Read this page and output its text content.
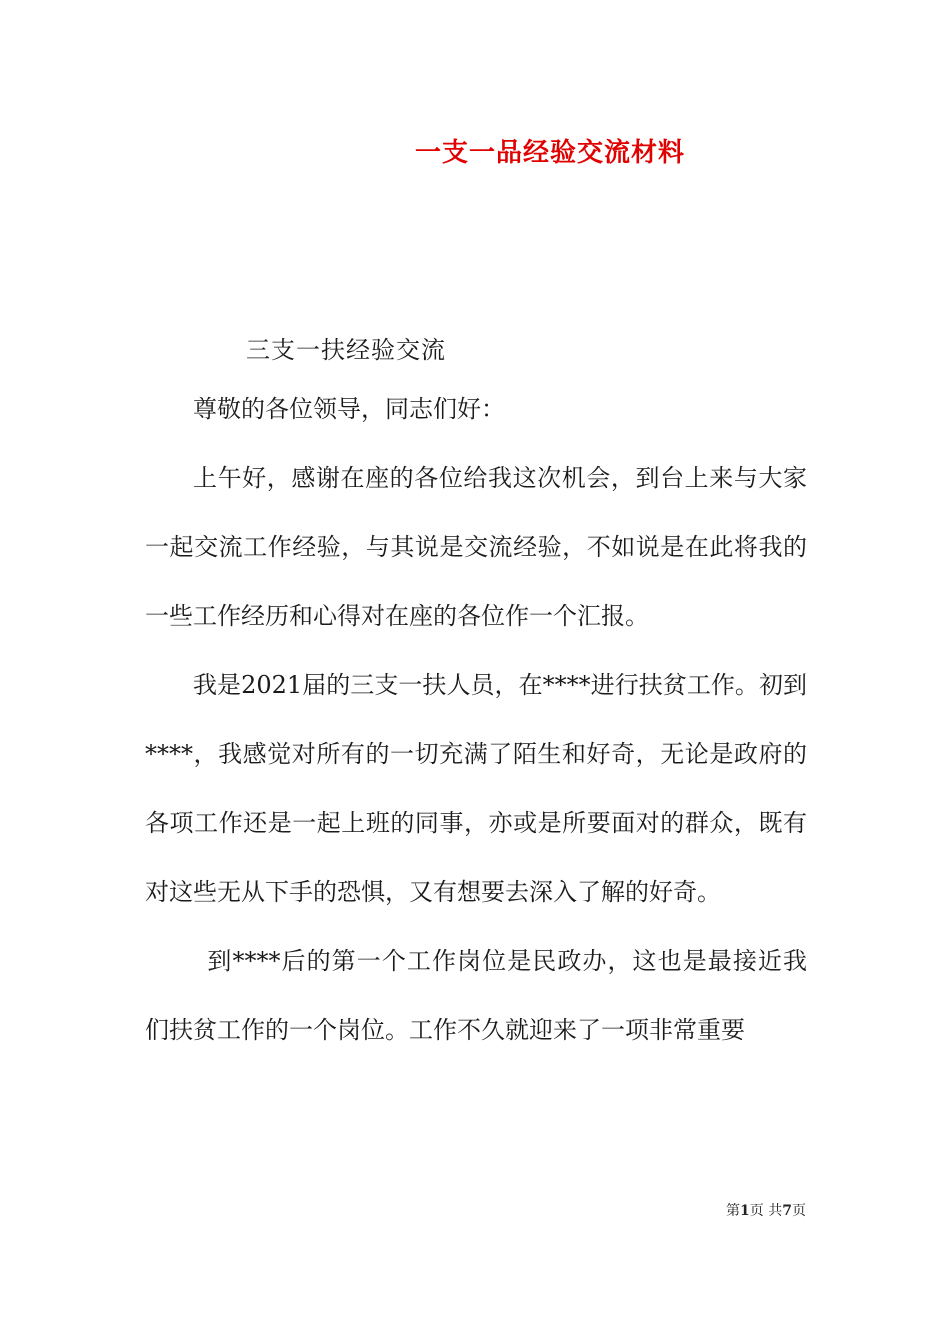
一支一品经验交流材料

三支一扶经验交流

尊敬的各位领导，同志们好：

上午好，感谢在座的各位给我这次机会，到台上来与大家一起交流工作经验，与其说是交流经验，不如说是在此将我的一些工作经历和心得对在座的各位作一个汇报。

我是2021届的三支一扶人员，在****进行扶贫工作。初到****，我感觉对所有的一切充满了陌生和好奇，无论是政府的各项工作还是一起上班的同事，亦或是所要面对的群众，既有对这些无从下手的恐惧，又有想要去深入了解的好奇。

到****后的第一个工作岗位是民政办，这也是最接近我们扶贫工作的一个岗位。工作不久就迎来了一项非常重要

第1页 共7页
